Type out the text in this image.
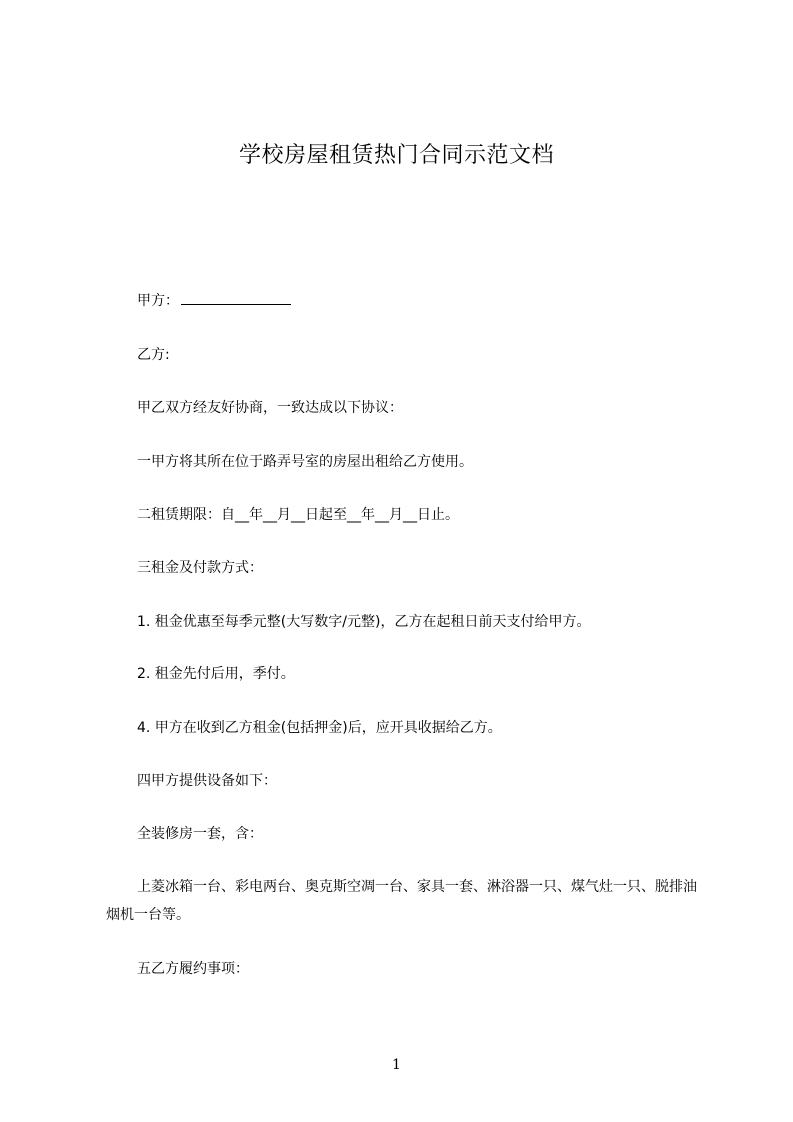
学校房屋租赁热门合同示范文档
甲方：
乙方:
甲乙双方经友好协商，一致达成以下协议：
一甲方将其所在位于路弄号室的房屋出租给乙方使用。
二租赁期限：自__年__月__日起至__年__月__日止。
三租金及付款方式：
1. 租金优惠至每季元整(大写数字/元整)，乙方在起租日前天支付给甲方。
2. 租金先付后用，季付。
4. 甲方在收到乙方租金(包括押金)后，应开具收据给乙方。
四甲方提供设备如下：
全装修房一套，含：
上菱冰箱一台、彩电两台、奥克斯空凋一台、家具一套、淋浴器一只、煤气灶一只、脱排油烟机一台等。
五乙方履约事项：
1
